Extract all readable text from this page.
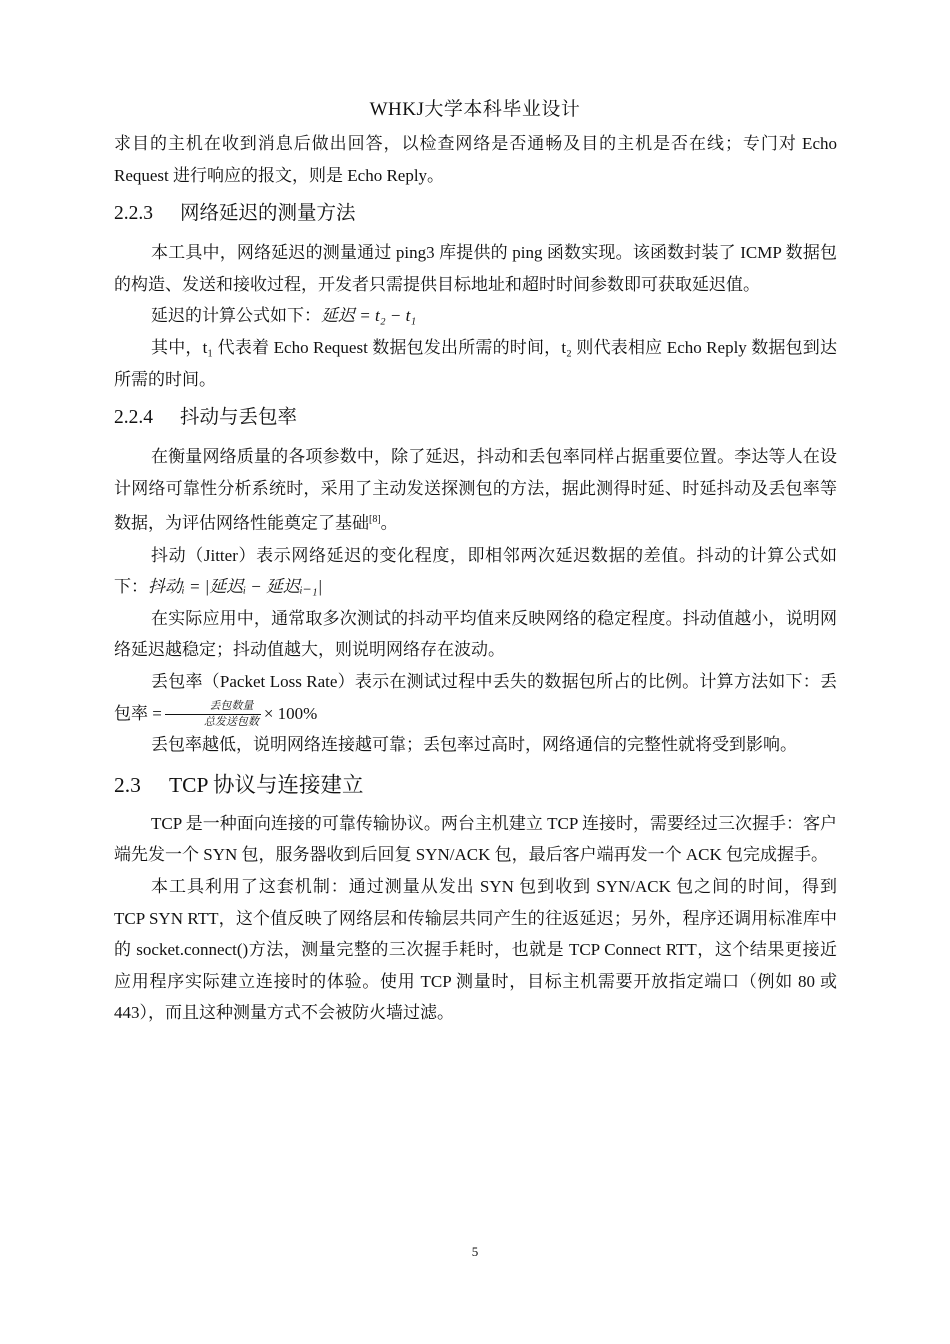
WHKJ大学本科毕业设计

求目的主机在收到消息后做出回答，以检查网络是否通畅及目的主机是否在线；专门对 Echo Request 进行响应的报文，则是 Echo Reply。

2.2.3 网络延迟的测量方法

本工具中，网络延迟的测量通过 ping3 库提供的 ping 函数实现。该函数封装了 ICMP 数据包的构造、发送和接收过程，开发者只需提供目标地址和超时时间参数即可获取延迟值。

延迟的计算公式如下：延迟 = t₂ − t₁

其中，t₁ 代表着 Echo Request 数据包发出所需的时间，t₂ 则代表相应 Echo Reply 数据包到达所需的时间。

2.2.4 抖动与丢包率

在衡量网络质量的各项参数中，除了延迟，抖动和丢包率同样占据重要位置。李达等人在设计网络可靠性分析系统时，采用了主动发送探测包的方法，据此测得时延、时延抖动及丢包率等数据，为评估网络性能奠定了基础[8]。

抖动（Jitter）表示网络延迟的变化程度，即相邻两次延迟数据的差值。抖动的计算公式如下：抖动ᵢ = |延迟ᵢ − 延迟ᵢ₋₁|

在实际应用中，通常取多次测试的抖动平均值来反映网络的稳定程度。抖动值越小，说明网络延迟越稳定；抖动值越大，则说明网络存在波动。

丢包率（Packet Loss Rate）表示在测试过程中丢失的数据包所占的比例。计算方法如下：丢包率 = $\frac{\text{丢包数量}}{\text{总发送包数}} \times 100\%$

丢包率越低，说明网络连接越可靠；丢包率过高时，网络通信的完整性就将受到影响。

2.3 TCP 协议与连接建立

TCP 是一种面向连接的可靠传输协议。两台主机建立 TCP 连接时，需要经过三次握手：客户端先发一个 SYN 包，服务器收到后回复 SYN/ACK 包，最后客户端再发一个 ACK 包完成握手。

本工具利用了这套机制：通过测量从发出 SYN 包到收到 SYN/ACK 包之间的时间，得到 TCP SYN RTT，这个值反映了网络层和传输层共同产生的往返延迟；另外，程序还调用标准库中的 socket.connect()方法，测量完整的三次握手耗时，也就是 TCP Connect RTT，这个结果更接近应用程序实际建立连接时的体验。使用 TCP 测量时，目标主机需要开放指定端口（例如 80 或 443），而且这种测量方式不会被防火墙过滤。

5
